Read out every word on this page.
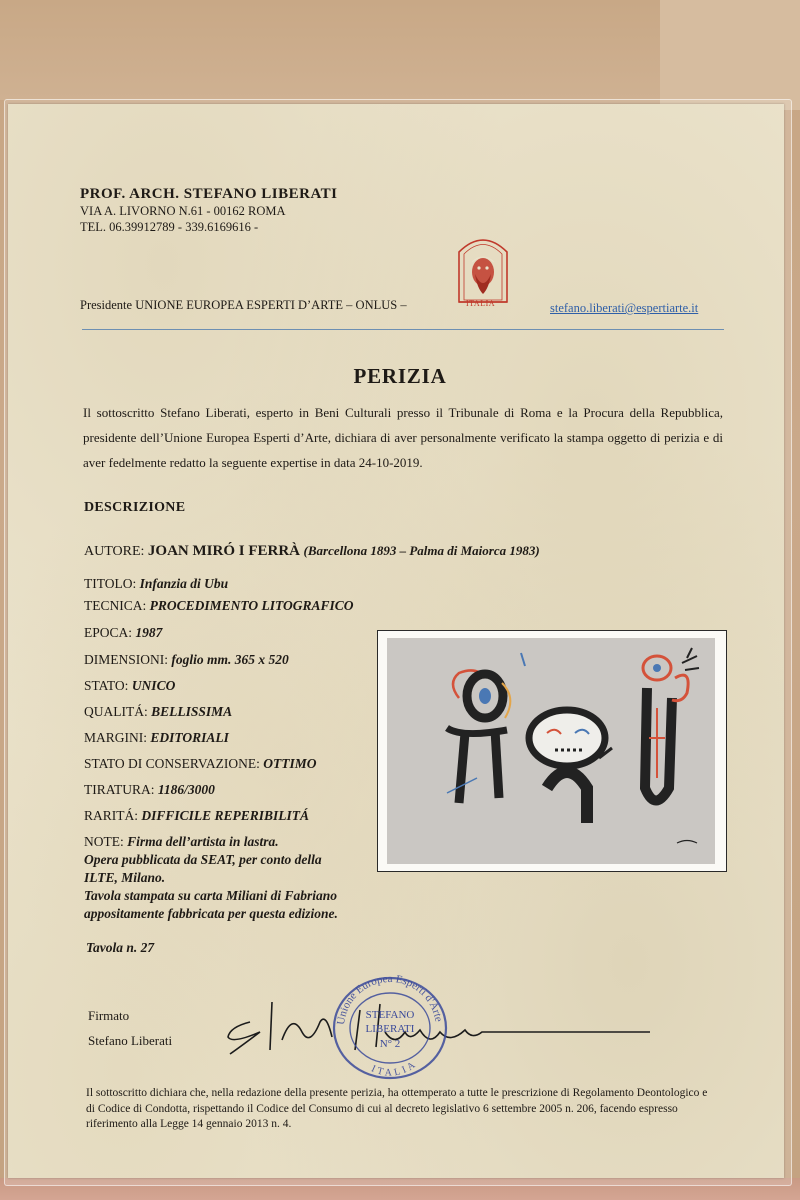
PROF. ARCH. STEFANO LIBERATI
VIA A. LIVORNO N.61 - 00162 ROMA
TEL. 06.39912789 - 339.6169616 -
ITALIA
Presidente UNIONE EUROPEA ESPERTI D’ARTE – ONLUS –	stefano.liberati@espertiarte.it
PERIZIA
Il sottoscritto Stefano Liberati, esperto in Beni Culturali presso il Tribunale di Roma e la Procura della Repubblica, presidente dell’Unione Europea Esperti d’Arte, dichiara di aver personalmente verificato la stampa oggetto di perizia e di aver fedelmente redatto la seguente expertise in data 24-10-2019.
DESCRIZIONE
AUTORE: JOAN MIRÓ I FERRÀ (Barcellona 1893 – Palma di Maiorca 1983)
TITOLO: Infanzia di Ubu
TECNICA: PROCEDIMENTO LITOGRAFICO
EPOCA: 1987
DIMENSIONI: foglio mm. 365 x 520
STATO: UNICO
QUALITÁ: BELLISSIMA
MARGINI: EDITORIALI
STATO DI CONSERVAZIONE: OTTIMO
TIRATURA: 1186/3000
RARITÁ: DIFFICILE REPERIBILITÁ
NOTE: Firma dell’artista in lastra.
Opera pubblicata da SEAT, per conto della
ILTE, Milano.
Tavola stampata su carta Miliani di Fabriano
appositamente fabbricata per questa edizione.
Tavola n. 27
Firmato
Stefano Liberati
Unione Europea Esperti d'Arte
ITALIA
STEFANO
LIBERATI
N° 2
Il sottoscritto dichiara che, nella redazione della presente perizia, ha ottemperato a tutte le prescrizione di Regolamento Deontologico e di Codice di Condotta, rispettando il Codice del Consumo di cui al decreto legislativo 6 settembre 2005 n. 206, facendo espresso riferimento alla Legge 14 gennaio 2013 n. 4.
